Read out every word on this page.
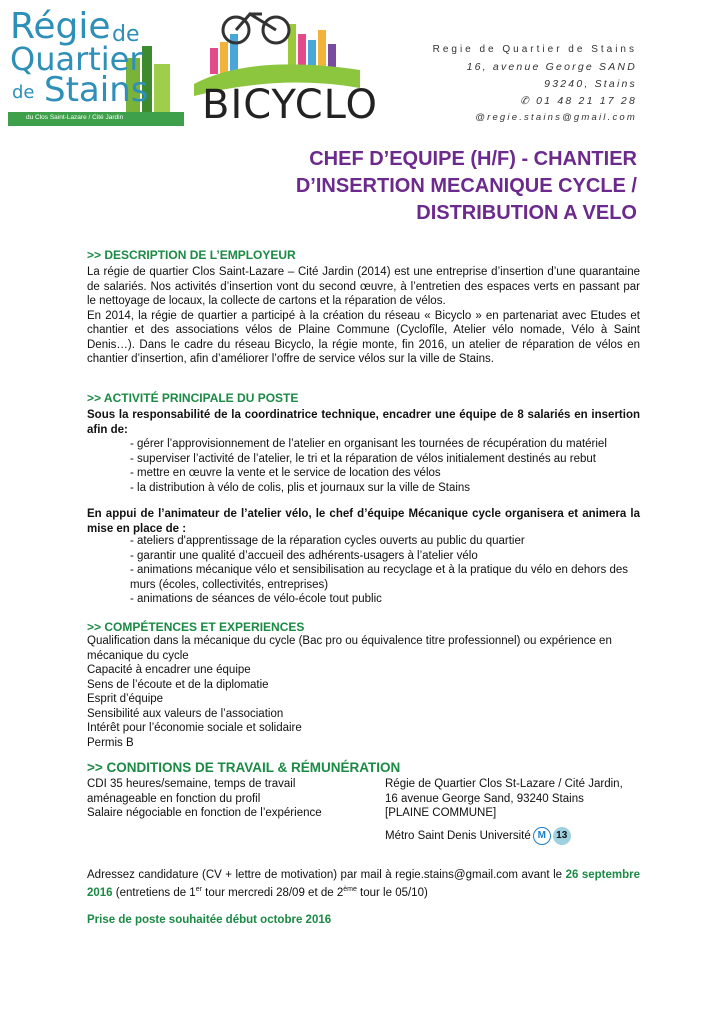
Régie de
Quartier
de Stains
du Clos Saint-Lazare / Cité Jardin BICYCLO
Regie de Quartier de Stains
16, avenue George SAND
93240, Stains
✆ 01 48 21 17 28
@regie.stains@gmail.com
CHEF D’EQUIPE (H/F) - CHANTIER
D’INSERTION MECANIQUE CYCLE /
DISTRIBUTION A VELO
>> DESCRIPTION DE L’EMPLOYEUR

La régie de quartier Clos Saint-Lazare – Cité Jardin (2014) est une entreprise d’insertion d’une quarantaine de salariés. Nos activités d’insertion vont du second œuvre, à l’entretien des espaces verts en passant par le nettoyage de locaux, la collecte de cartons et la réparation de vélos.

En 2014, la régie de quartier a participé à la création du réseau « Bicyclo » en partenariat avec Etudes et chantier et des associations vélos de Plaine Commune (Cyclofîle, Atelier vélo nomade, Vélo à Saint Denis…). Dans le cadre du réseau Bicyclo, la régie monte, fin 2016, un atelier de réparation de vélos en chantier d’insertion, afin d’améliorer l’offre de service vélos sur la ville de Stains.

>> ACTIVITÉ PRINCIPALE DU POSTE
Sous la responsabilité de la coordinatrice technique, encadrer une équipe de 8 salariés en insertion afin de:
- gérer l’approvisionnement de l’atelier en organisant les tournées de récupération du matériel
- superviser l’activité de l’atelier, le tri et la réparation de vélos initialement destinés au rebut
- mettre en œuvre la vente et le service de location des vélos
- la distribution à vélo de colis, plis et journaux sur la ville de Stains
En appui de l’animateur de l’atelier vélo, le chef d’équipe Mécanique cycle organisera et animera la mise en place de :
- ateliers d'apprentissage de la réparation cycles ouverts au public du quartier
- garantir une qualité d’accueil des adhérents-usagers à l’atelier vélo
- animations mécanique vélo et sensibilisation au recyclage et à la pratique du vélo en dehors des murs (écoles, collectivités, entreprises)
- animations de séances de vélo-école tout public
>> COMPÉTENCES ET EXPERIENCES

Qualification dans la mécanique du cycle (Bac pro ou équivalence titre professionnel) ou expérience en mécanique du cycle

Capacité à encadrer une équipe

Sens de l’écoute et de la diplomatie

Esprit d’équipe

Sensibilité aux valeurs de l’association

Intérêt pour l’économie sociale et solidaire

Permis B

>> CONDITIONS DE TRAVAIL & RÉMUNÉRATION
CDI 35 heures/semaine, temps de travail
aménageable en fonction du profil
Salaire négociable en fonction de l’expérience
Régie de Quartier Clos St-Lazare / Cité Jardin,
16 avenue George Sand, 93240 Stains
[PLAINE COMMUNE]
Métro Saint Denis Université M 13
Adressez candidature (CV + lettre de motivation) par mail à regie.stains@gmail.com avant le 26 septembre 2016 (entretiens de 1er tour mercredi 28/09 et de 2ème tour le 05/10)
Prise de poste souhaitée début octobre 2016
